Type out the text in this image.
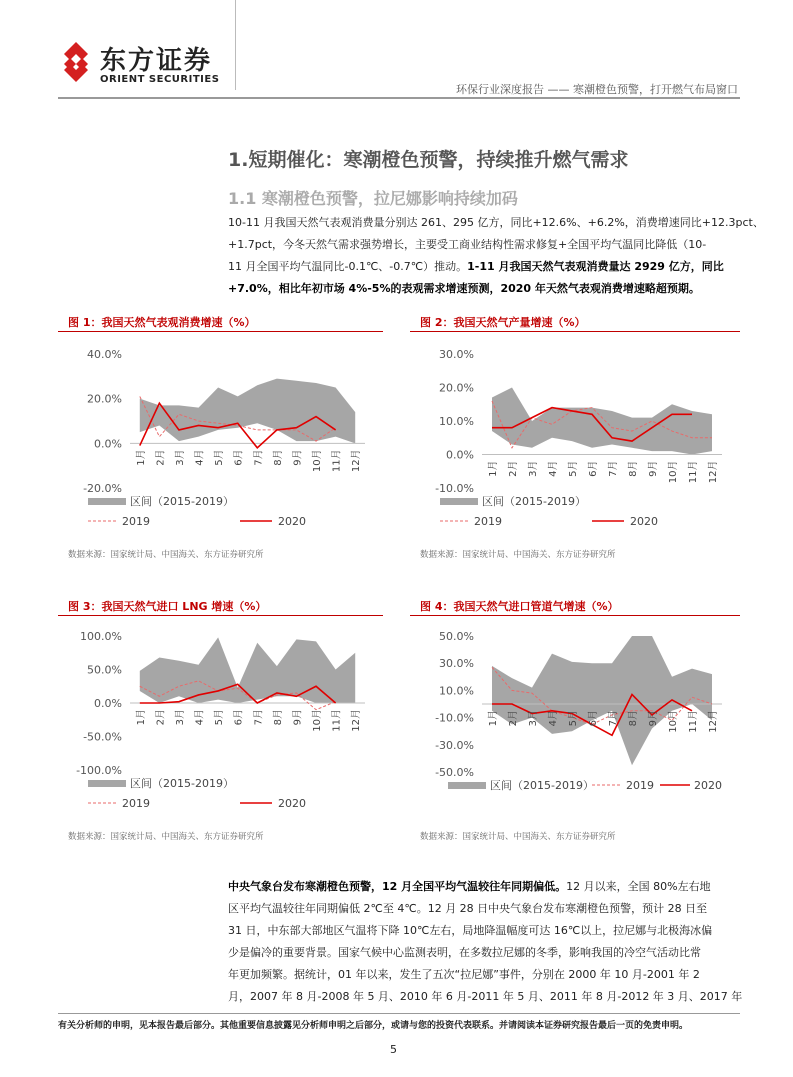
东方证券
ORIENT SECURITIES
环保行业深度报告 —— 寒潮橙色预警，打开燃气布局窗口
1.短期催化：寒潮橙色预警，持续推升燃气需求
1.1 寒潮橙色预警，拉尼娜影响持续加码
10-11 月我国天然气表观消费量分别达 261、295 亿方，同比+12.6%、+6.2%，消费增速同比+12.3pct、
+1.7pct，今冬天然气需求强势增长，主要受工商业结构性需求修复+全国平均气温同比降低（10-
11 月全国平均气温同比-0.1℃、-0.7℃）推动。1-11 月我国天然气表观消费量达 2929 亿方，同比
+7.0%，相比年初市场 4%-5%的表观需求增速预测，2020 年天然气表观消费增速略超预期。
图 1：我国天然气表观消费增速（%）
40.0%
20.0%
0.0%
-20.0%
1月 2月 3月 4月 5月 6月 7月 8月 9月 10月 11月 12月
区间（2015-2019）
2019	2020
数据来源：国家统计局、中国海关、东方证券研究所
图 2：我国天然气产量增速（%）
30.0%
20.0%
10.0%
0.0%
-10.0%
1月 2月 3月 4月 5月 6月 7月 8月 9月 10月 11月 12月
区间（2015-2019）
2019	2020
数据来源：国家统计局、中国海关、东方证券研究所
图 3：我国天然气进口 LNG 增速（%）
100.0%
50.0%
0.0%
-50.0%
-100.0%
1月 2月 3月 4月 5月 6月 7月 8月 9月 10月 11月 12月
区间（2015-2019）
2019	2020
数据来源：国家统计局、中国海关、东方证券研究所
图 4：我国天然气进口管道气增速（%）
50.0%
30.0%
10.0%
-10.0%
-30.0%
-50.0%
1月 2月 3月 4月 5月 6月 7月 8月 9月 10月 11月 12月
区间（2015-2019）	2019	2020
数据来源：国家统计局、中国海关、东方证券研究所
中央气象台发布寒潮橙色预警，12 月全国平均气温较往年同期偏低。12 月以来，全国 80%左右地
区平均气温较往年同期偏低 2℃至 4℃。12 月 28 日中央气象台发布寒潮橙色预警，预计 28 日至
31 日，中东部大部地区气温将下降 10℃左右，局地降温幅度可达 16℃以上，拉尼娜与北极海冰偏
少是偏冷的重要背景。国家气候中心监测表明，在多数拉尼娜的冬季，影响我国的冷空气活动比常
年更加频繁。据统计，01 年以来，发生了五次“拉尼娜”事件，分别在 2000 年 10 月-2001 年 2
月，2007 年 8 月-2008 年 5 月、2010 年 6 月-2011 年 5 月、2011 年 8 月-2012 年 3 月、2017 年
有关分析师的申明，见本报告最后部分。其他重要信息披露见分析师申明之后部分，或请与您的投资代表联系。并请阅读本证券研究报告最后一页的免责申明。
5
